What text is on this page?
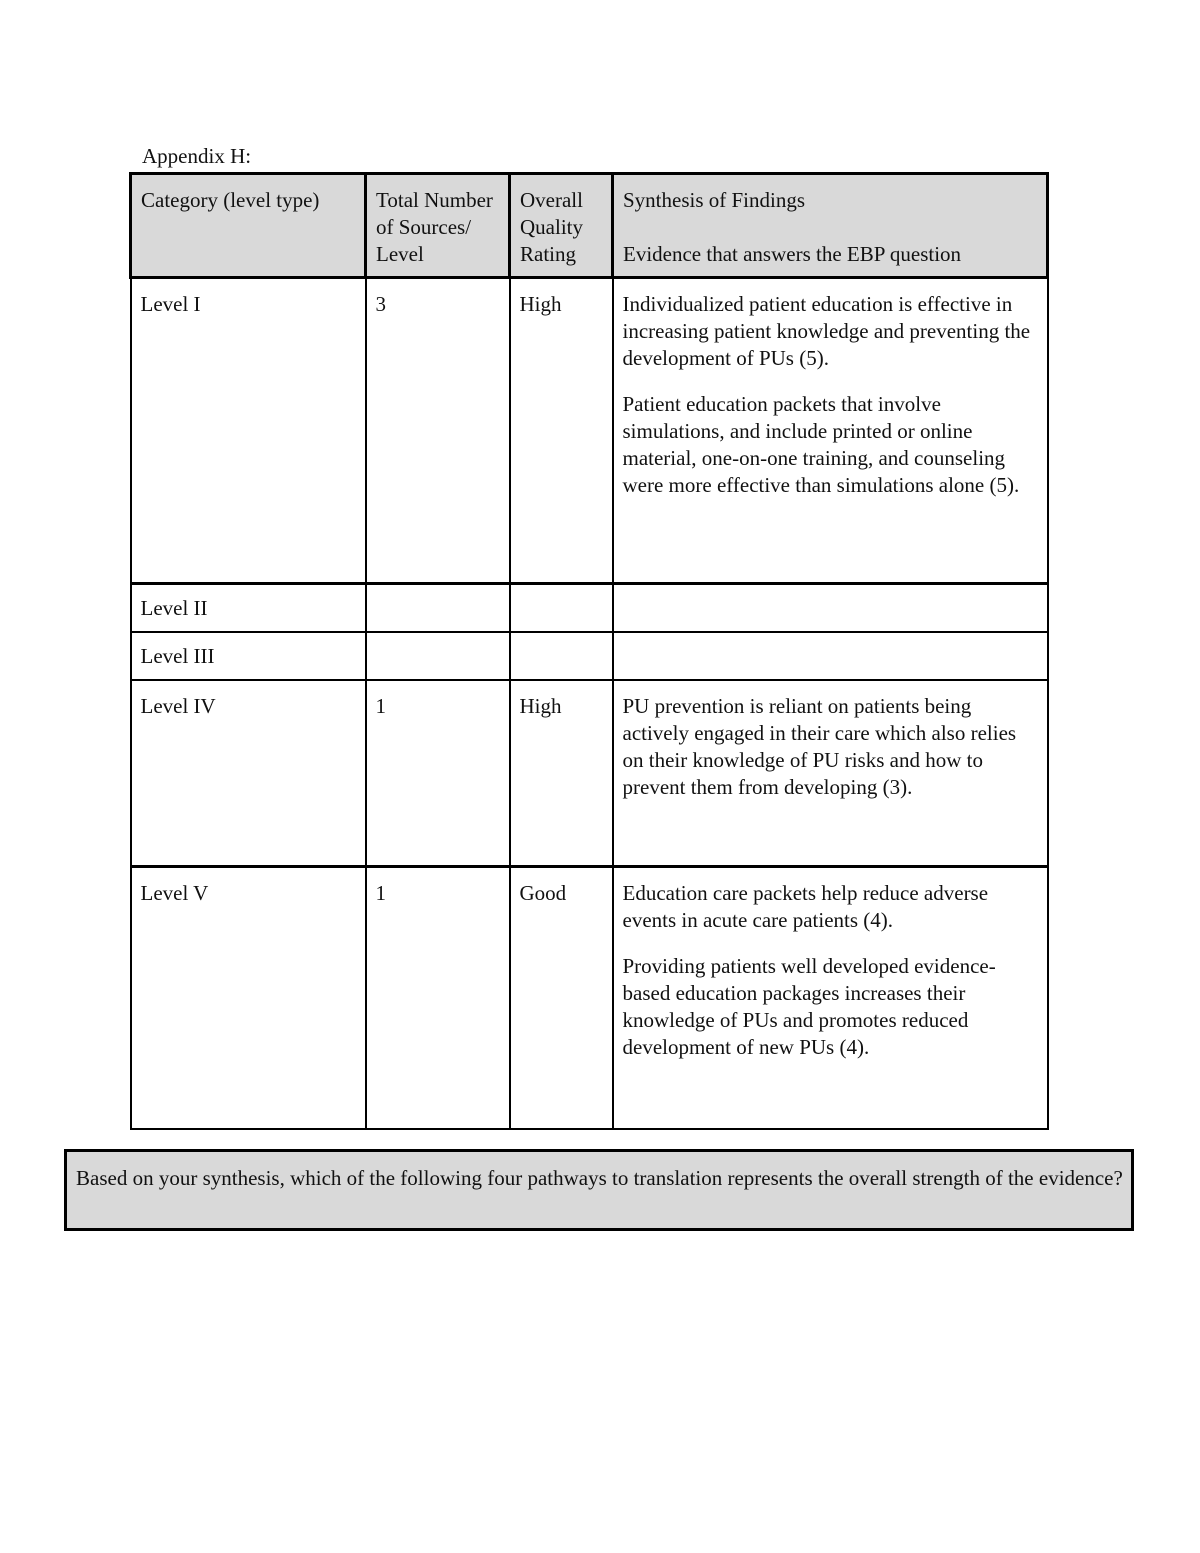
Appendix H:
Category (level type)	Total Number of Sources/ Level	Overall Quality Rating	Synthesis of Findings
Evidence that answers the EBP question

Level I	3	High	Individualized patient education is effective in increasing patient knowledge and preventing the development of PUs (5).
Patient education packets that involve simulations, and include printed or online material, one-on-one training, and counseling were more effective than simulations alone (5).

Level II			
Level III			
Level IV	1	High	PU prevention is reliant on patients being actively engaged in their care which also relies on their knowledge of PU risks and how to prevent them from developing (3).

Level V	1	Good	Education care packets help reduce adverse events in acute care patients (4).
Providing patients well developed evidence-based education packages increases their knowledge of PUs and promotes reduced development of new PUs (4).
Based on your synthesis, which of the following four pathways to translation represents the overall strength of the evidence?
